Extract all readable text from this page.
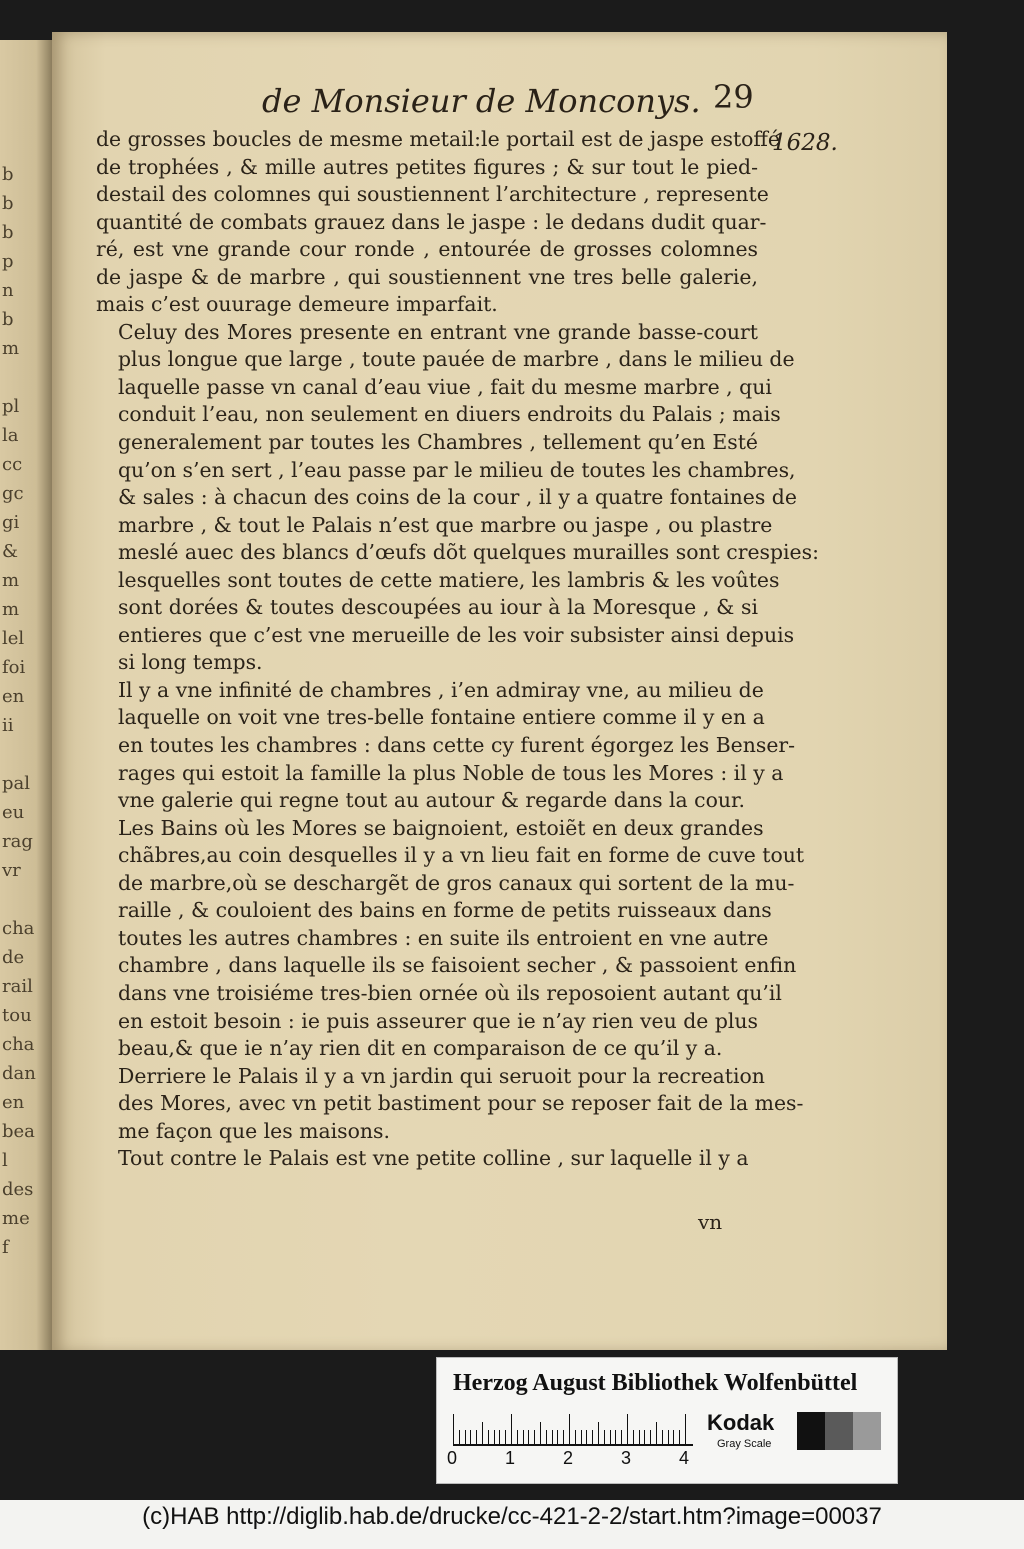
b
b
b
p
n
b
m

pl
la
cc
gc
gi
&
m
m
lel
foi
en
ii

pal
eu
rag
vr

cha
de
rail
tou
cha
dan
en
bea
l
des
me
f
de Monsieur de Monconys. 29
1628.

de grosses boucles de mesme metail:le portail est de jaspe estoffé
de trophées , & mille autres petites figures ; & sur tout le pied-
destail des colomnes qui soustiennent l’architecture , represente
quantité de combats grauez dans le jaspe : le dedans dudit quar-
ré, est vne grande cour ronde , entourée de grosses colomnes
de jaspe & de marbre , qui soustiennent vne tres belle galerie,
mais c’est ouurage demeure imparfait.

Celuy des Mores presente en entrant vne grande basse-court
plus longue que large , toute pauée de marbre , dans le milieu de
laquelle passe vn canal d’eau viue , fait du mesme marbre , qui
conduit l’eau, non seulement en diuers endroits du Palais ; mais
generalement par toutes les Chambres , tellement qu’en Esté
qu’on s’en sert , l’eau passe par le milieu de toutes les chambres,
& sales : à chacun des coins de la cour , il y a quatre fontaines de
marbre , & tout le Palais n’est que marbre ou jaspe , ou plastre
meslé auec des blancs d’œufs dõt quelques murailles sont crespies:
lesquelles sont toutes de cette matiere, les lambris & les voûtes
sont dorées & toutes descoupées au iour à la Moresque , & si
entieres que c’est vne merueille de les voir subsister ainsi depuis
si long temps.

Il y a vne infinité de chambres , i’en admiray vne, au milieu de
laquelle on voit vne tres-belle fontaine entiere comme il y en a
en toutes les chambres : dans cette cy furent égorgez les Benser-
rages qui estoit la famille la plus Noble de tous les Mores : il y a
vne galerie qui regne tout au autour & regarde dans la cour.

Les Bains où les Mores se baignoient, estoiẽt en deux grandes
chãbres,au coin desquelles il y a vn lieu fait en forme de cuve tout
de marbre,où se deschargẽt de gros canaux qui sortent de la mu-
raille , & couloient des bains en forme de petits ruisseaux dans
toutes les autres chambres : en suite ils entroient en vne autre
chambre , dans laquelle ils se faisoient secher , & passoient enfin
dans vne troisiéme tres-bien ornée où ils reposoient autant qu’il
en estoit besoin : ie puis asseurer que ie n’ay rien veu de plus
beau,& que ie n’ay rien dit en comparaison de ce qu’il y a.

Derriere le Palais il y a vn jardin qui seruoit pour la recreation
des Mores, avec vn petit bastiment pour se reposer fait de la mes-
me façon que les maisons.

Tout contre le Palais est vne petite colline , sur laquelle il y a

vn
Herzog August Bibliothek Wolfenbüttel
0	1	2	3	4
Kodak
Gray Scale
(c)HAB http://diglib.hab.de/drucke/cc-421-2-2/start.htm?image=00037
